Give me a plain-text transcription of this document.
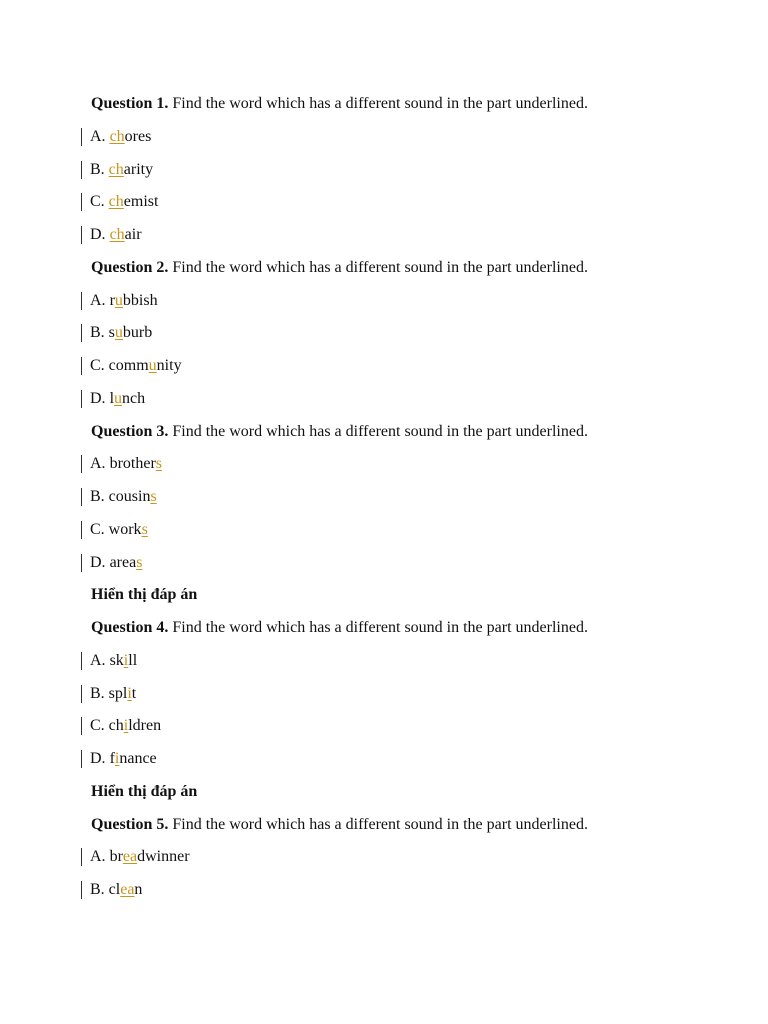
Question 1. Find the word which has a different sound in the part underlined.
A. chores
B. charity
C. chemist
D. chair
Question 2. Find the word which has a different sound in the part underlined.
A. rubbish
B. suburb
C. community
D. lunch
Question 3. Find the word which has a different sound in the part underlined.
A. brothers
B. cousins
C. works
D. areas
Hiển thị đáp án
Question 4. Find the word which has a different sound in the part underlined.
A. skill
B. split
C. children
D. finance
Hiển thị đáp án
Question 5. Find the word which has a different sound in the part underlined.
A. breadwinner
B. clean
